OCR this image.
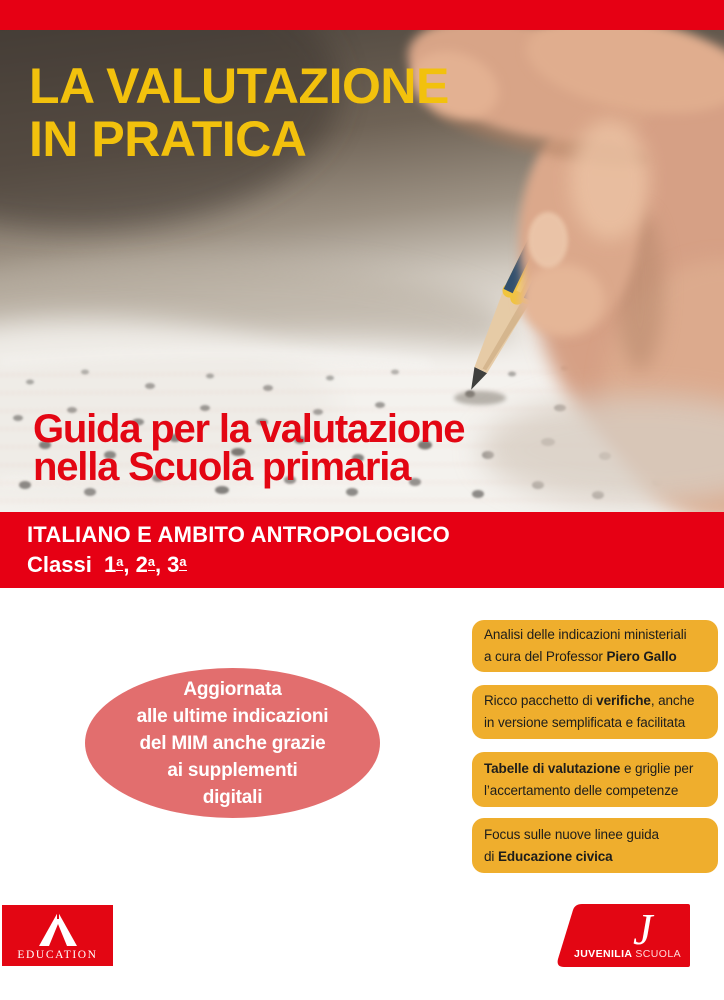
LA VALUTAZIONE
IN PRATICA
Guida per la valutazione
nella Scuola primaria
ITALIANO E AMBITO ANTROPOLOGICO
Classi  1a, 2a, 3a
Aggiornata
alle ultime indicazioni
del MIM anche grazie
ai supplementi
digitali
Analisi delle indicazioni ministeriali
a cura del Professor Piero Gallo
Ricco pacchetto di verifiche, anche
in versione semplificata e facilitata
Tabelle di valutazione e griglie per
l’accertamento delle competenze
Focus sulle nuove linee guida
di Educazione civica
EDUCATION
J
JUVENILIA SCUOLA
